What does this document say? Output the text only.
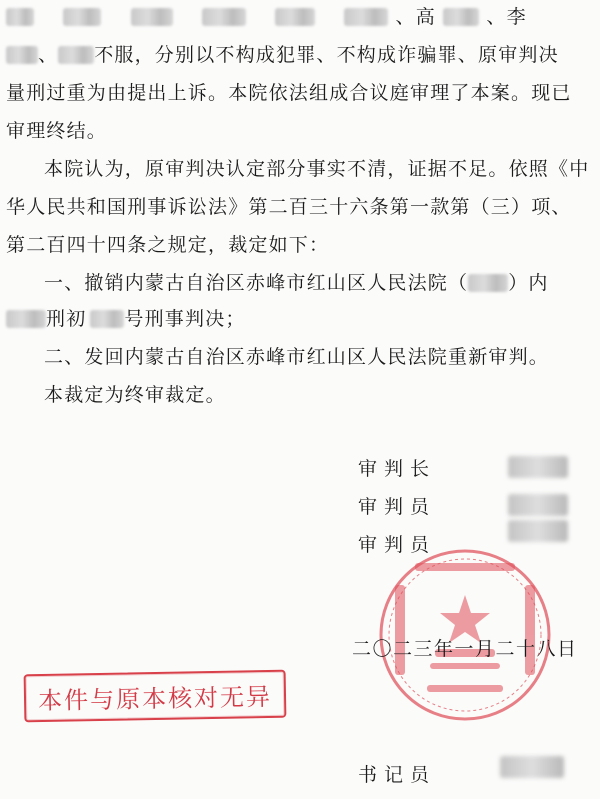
、高	、李
、 不服，分别以不构成犯罪、不构成诈骗罪、原审判决
量刑过重为由提出上诉。本院依法组成合议庭审理了本案。现已
审理终结。
本院认为，原审判决认定部分事实不清，证据不足。依照《中
华人民共和国刑事诉讼法》第二百三十六条第一款第（三）项、
第二百四十四条之规定，裁定如下：
一、撤销内蒙古自治区赤峰市红山区人民法院（ ）内
刑初 号刑事判决；
二、发回内蒙古自治区赤峰市红山区人民法院重新审判。
本裁定为终审裁定。
审判长
审判员
审判员
二〇二三年一月二十八日
本件与原本核对无异
书记员
